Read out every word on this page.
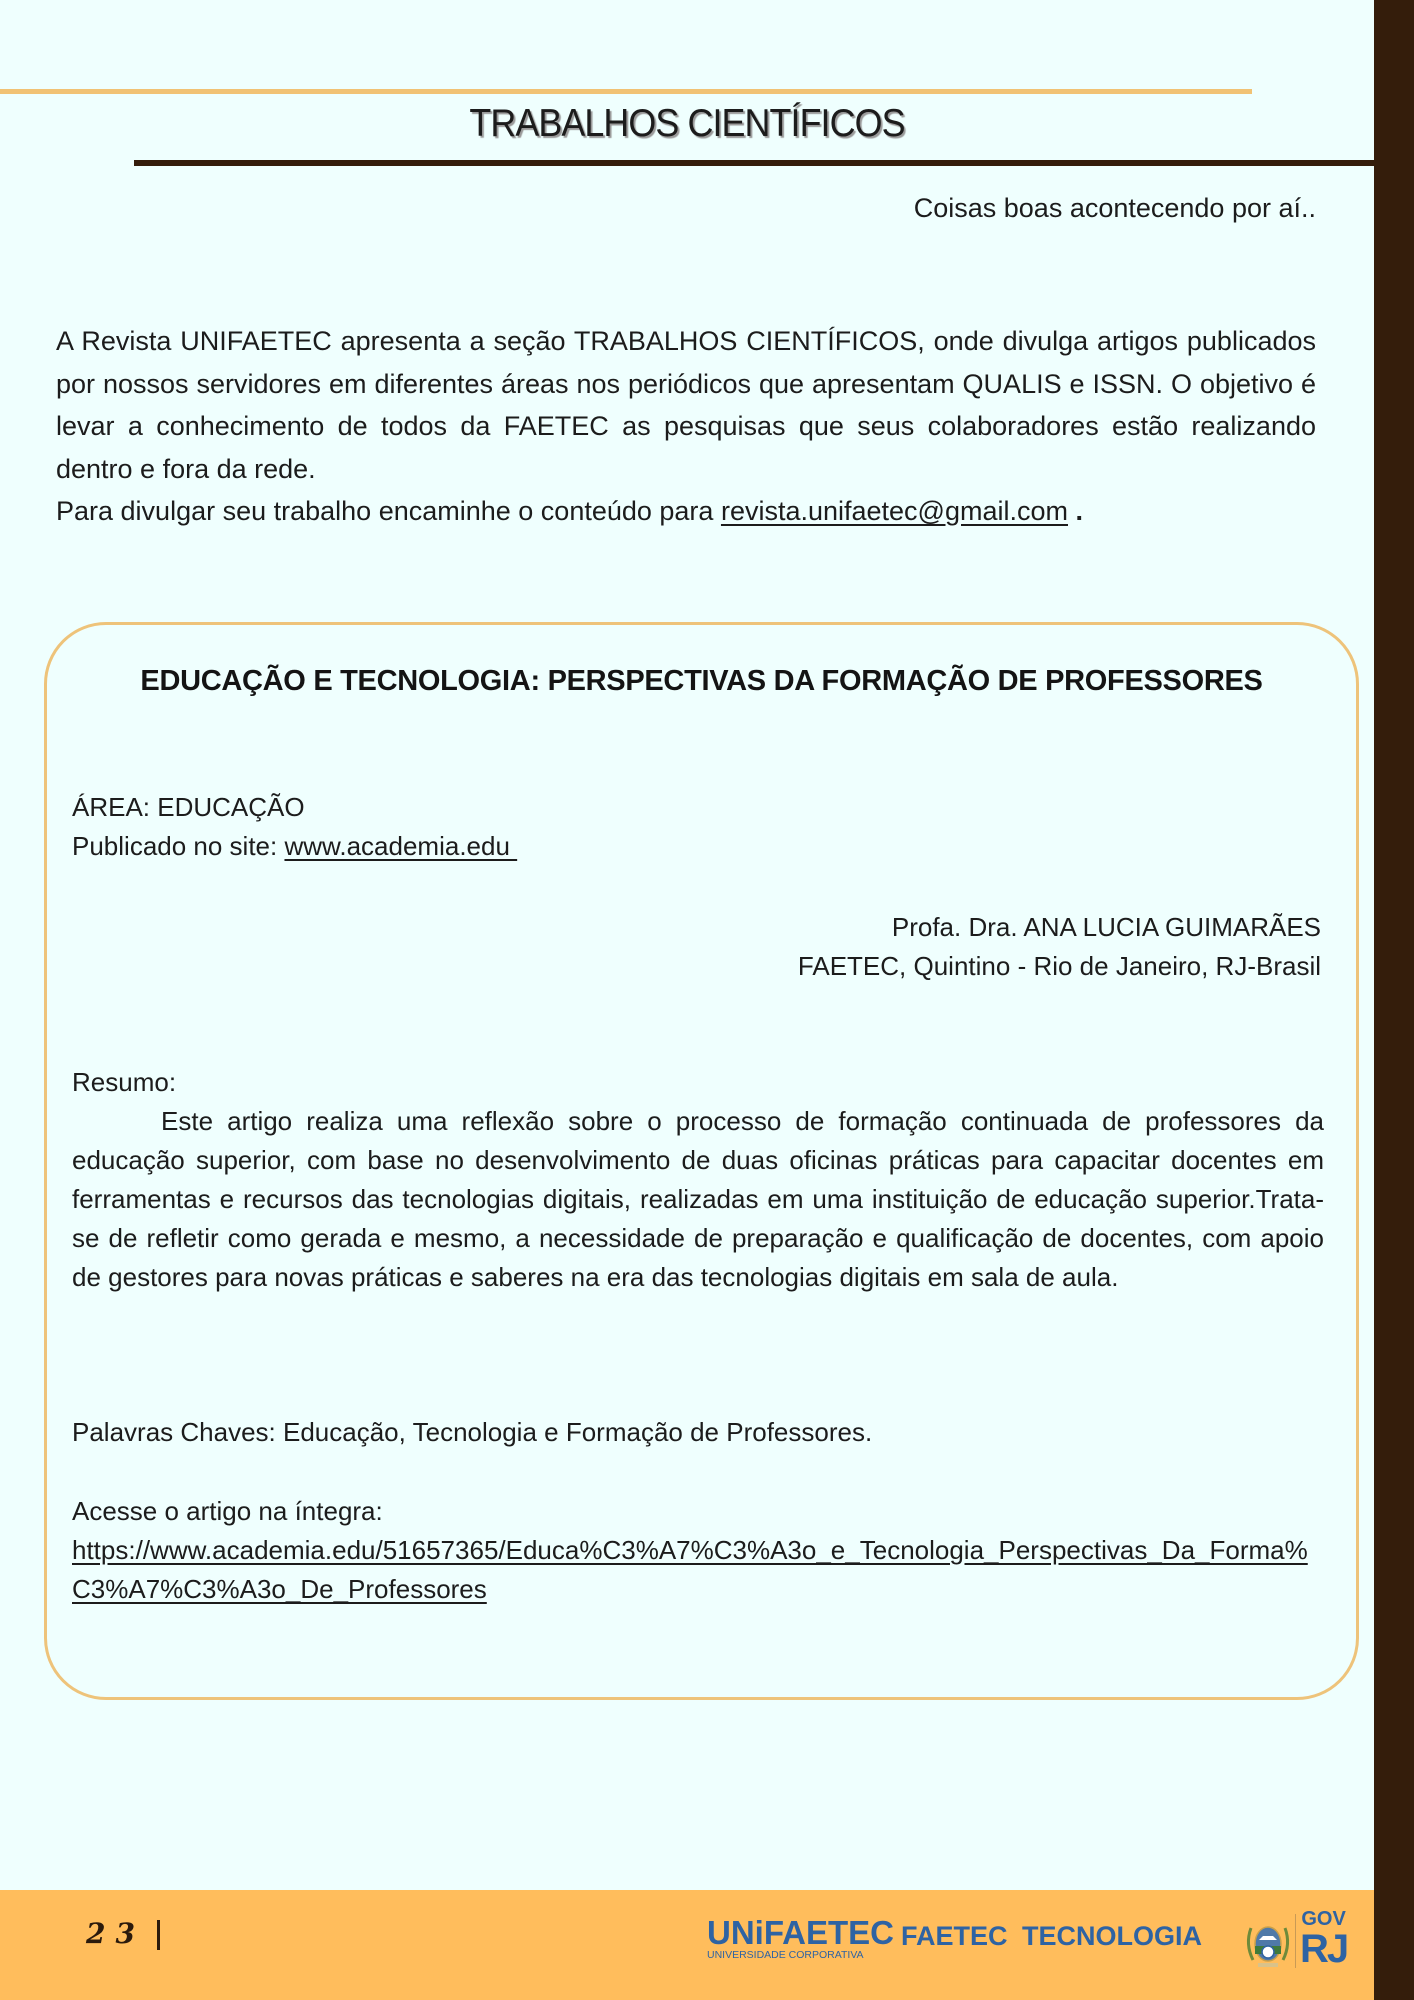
TRABALHOS CIENTÍFICOS
Coisas boas acontecendo por aí..

A Revista UNIFAETEC apresenta a seção TRABALHOS CIENTÍFICOS, onde divulga artigos publicados por nossos servidores em diferentes áreas nos periódicos que apresentam QUALIS e ISSN. O objetivo é levar a conhecimento de todos da FAETEC as pesquisas que seus colaboradores estão realizando dentro e fora da rede.

Para divulgar seu trabalho encaminhe o conteúdo para revista.unifaetec@gmail.com .

EDUCAÇÃO E TECNOLOGIA: PERSPECTIVAS DA FORMAÇÃO DE PROFESSORES
ÁREA: EDUCAÇÃO
Publicado no site: www.academia.edu
Profa. Dra. ANA LUCIA GUIMARÃES
FAETEC, Quintino - Rio de Janeiro, RJ-Brasil
Resumo:
Este artigo realiza uma reflexão sobre o processo de formação continuada de professores da educação superior, com base no desenvolvimento de duas oficinas práticas para capacitar docentes em ferramentas e recursos das tecnologias digitais, realizadas em uma instituição de educação superior.Trata-se de refletir como gerada e mesmo, a necessidade de preparação e qualificação de docentes, com apoio de gestores para novas práticas e saberes na era das tecnologias digitais em sala de aula.
Palavras Chaves: Educação, Tecnologia e Formação de Professores.
Acesse o artigo na íntegra:
https://www.academia.edu/51657365/Educa%C3%A7%C3%A3o_e_Tecnologia_Perspectivas_Da_Forma%C3%A7%C3%A3o_De_Professores
23	UNiFAETEC
UNIVERSIDADE CORPORATIVA
FAETEC TECNOLOGIA
GOV
RJ
